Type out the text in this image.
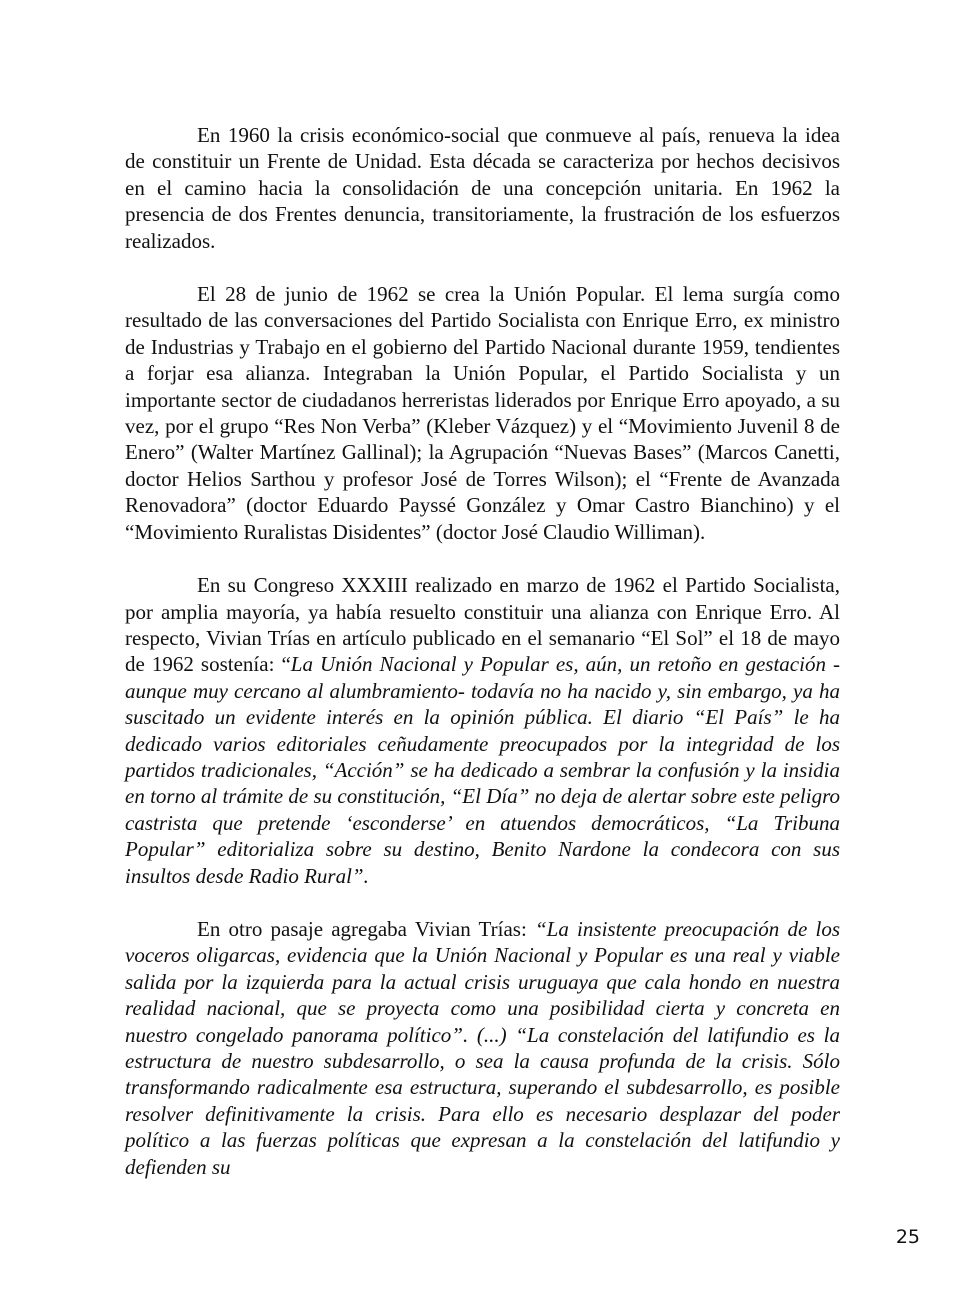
En 1960 la crisis económico-social que conmueve al país, renueva la idea de constituir un Frente de Unidad. Esta década se caracteriza por hechos decisivos en el camino hacia la consolidación de una concepción unitaria. En 1962 la presencia de dos Frentes denuncia, transitoriamente, la frustración de los esfuerzos realizados.

El 28 de junio de 1962 se crea la Unión Popular. El lema surgía como resultado de las conversaciones del Partido Socialista con Enrique Erro, ex ministro de Industrias y Trabajo en el gobierno del Partido Nacional durante 1959, tendientes a forjar esa alianza. Integraban la Unión Popular, el Partido Socialista y un importante sector de ciudadanos herreristas liderados por Enrique Erro apoyado, a su vez, por el grupo “Res Non Verba” (Kleber Vázquez) y el “Movimiento Juvenil 8 de Enero” (Walter Martínez Gallinal); la Agrupación “Nuevas Bases” (Marcos Canetti, doctor Helios Sarthou y profesor José de Torres Wilson); el “Frente de Avanzada Renovadora” (doctor Eduardo Payssé González y Omar Castro Bianchino) y el “Movimiento Ruralistas Disidentes” (doctor José Claudio Williman).

En su Congreso XXXIII realizado en marzo de 1962 el Partido Socialista, por amplia mayoría, ya había resuelto constituir una alianza con Enrique Erro. Al respecto, Vivian Trías en artículo publicado en el semanario “El Sol” el 18 de mayo de 1962 sostenía: “La Unión Nacional y Popular es, aún, un retoño en gestación -aunque muy cercano al alumbramiento- todavía no ha nacido y, sin embargo, ya ha suscitado un evidente interés en la opinión pública. El diario “El País” le ha dedicado varios editoriales ceñudamente preocupados por la integridad de los partidos tradicionales, “Acción” se ha dedicado a sembrar la confusión y la insidia en torno al trámite de su constitución, “El Día” no deja de alertar sobre este peligro castrista que pretende ‘esconderse’ en atuendos democráticos, “La Tribuna Popular” editorializa sobre su destino, Benito Nardone la condecora con sus insultos desde Radio Rural”.

En otro pasaje agregaba Vivian Trías: “La insistente preocupación de los voceros oligarcas, evidencia que la Unión Nacional y Popular es una real y viable salida por la izquierda para la actual crisis uruguaya que cala hondo en nuestra realidad nacional, que se proyecta como una posibilidad cierta y concreta en nuestro congelado panorama político”. (...) “La constelación del latifundio es la estructura de nuestro subdesarrollo, o sea la causa profunda de la crisis. Sólo transformando radicalmente esa estructura, superando el subdesarrollo, es posible resolver definitivamente la crisis. Para ello es necesario desplazar del poder político a las fuerzas políticas que expresan a la constelación del latifundio y defienden su

25
